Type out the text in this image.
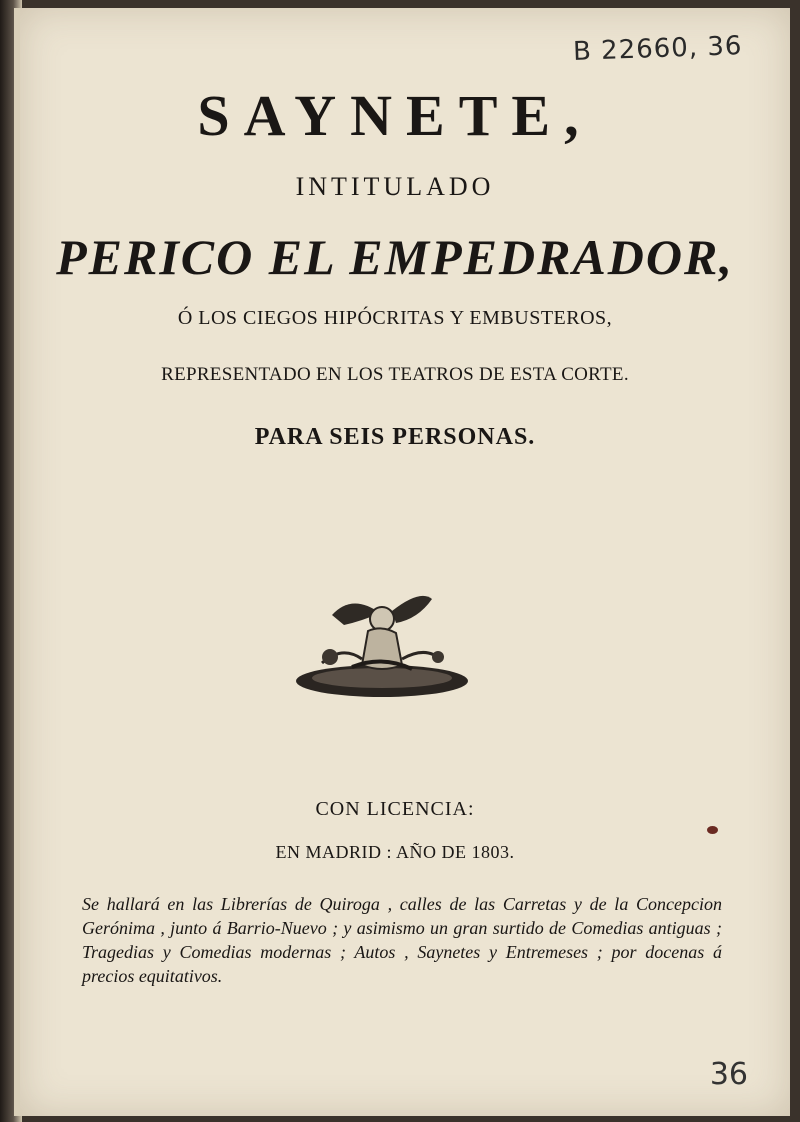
B 22660, 36
SAYNETE,
INTITULADO
PERICO EL EMPEDRADOR,
Ó LOS CIEGOS HIPÓCRITAS Y EMBUSTEROS,
REPRESENTADO EN LOS TEATROS DE ESTA CORTE.
PARA SEIS PERSONAS.
CON LICENCIA:
EN MADRID : AÑO DE 1803.
Se hallará en las Librerías de Quiroga , calles de las Carretas y de la Concepcion Gerónima , junto á Barrio-Nuevo ; y asimismo un gran surtido de Comedias antiguas ; Tragedias y Comedias modernas ; Autos , Saynetes y Entremeses ; por docenas á precios equitativos.
36
